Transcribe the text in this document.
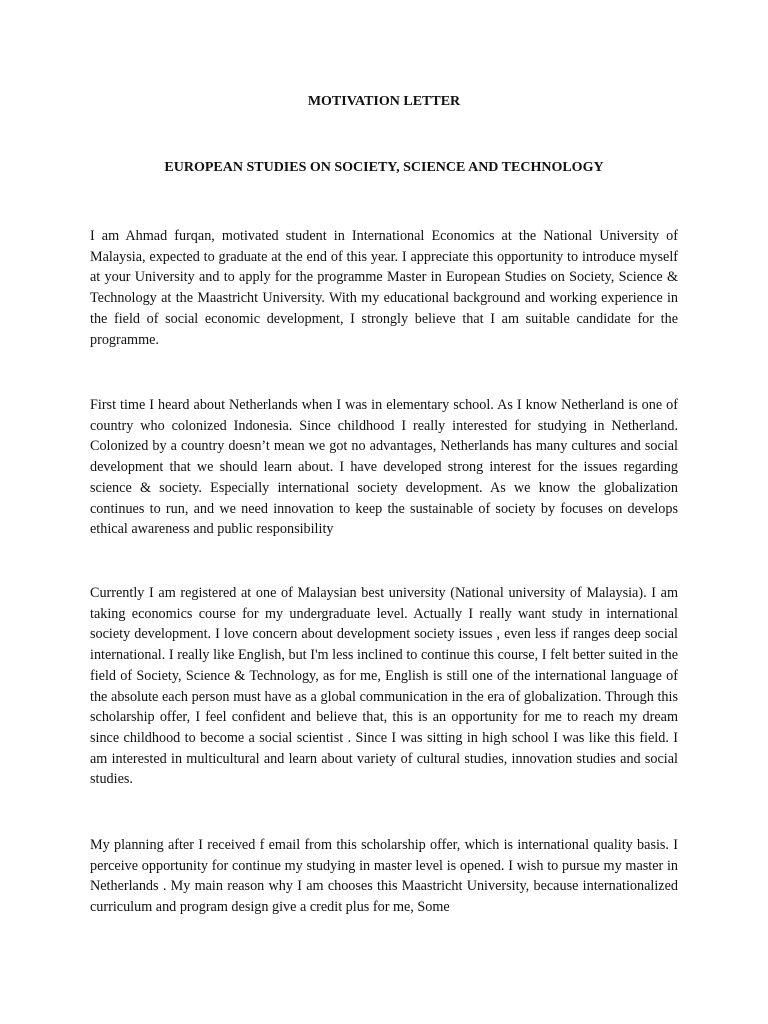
MOTIVATION LETTER

EUROPEAN STUDIES ON SOCIETY, SCIENCE AND TECHNOLOGY

I am Ahmad furqan, motivated student in International Economics at the National University of Malaysia, expected to graduate at the end of this year. I appreciate this opportunity to introduce myself at your University and to apply for the programme Master in European Studies on Society, Science & Technology at the Maastricht University. With my educational background and working experience in the field of social economic development, I strongly believe that I am suitable candidate for the programme.

First time I heard about Netherlands when I was in elementary school. As I know Netherland is one of country who colonized Indonesia. Since childhood I really interested for studying in Netherland. Colonized by a country doesn’t mean we got no advantages, Netherlands has many cultures and social development that we should learn about. I have developed strong interest for the issues regarding science & society. Especially international society development. As we know the globalization continues to run, and we need innovation to keep the sustainable of society by focuses on develops ethical awareness and public responsibility

Currently I am registered at one of Malaysian best university (National university of Malaysia). I am taking economics course for my undergraduate level. Actually I really want study in international society development. I love concern about development society issues , even less if ranges deep social international. I really like English, but I'm less inclined to continue this course, I felt better suited in the field of Society, Science & Technology, as for me, English is still one of the international language of the absolute each person must have as a global communication in the era of globalization. Through this scholarship offer, I feel confident and believe that, this is an opportunity for me to reach my dream since childhood to become a social scientist . Since I was sitting in high school I was like this field. I am interested in multicultural and learn about variety of cultural studies, innovation studies and social studies.

My planning after I received f email from this scholarship offer, which is international quality basis. I perceive opportunity for continue my studying in master level is opened. I wish to pursue my master in Netherlands . My main reason why I am chooses this Maastricht University, because internationalized curriculum and program design give a credit plus for me, Some
